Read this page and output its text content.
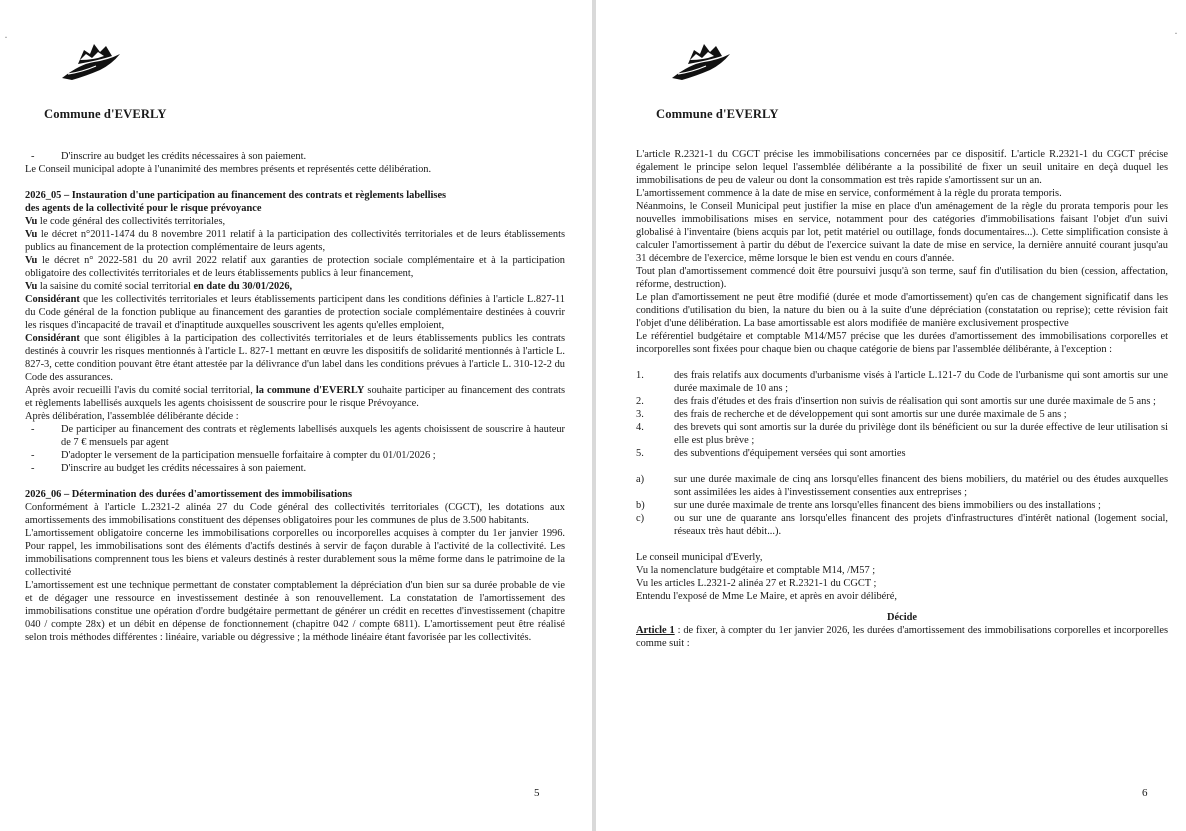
·

Commune d'EVERLY

-	D'inscrire au budget les crédits nécessaires à son paiement.

Le Conseil municipal adopte à l'unanimité des membres présents et représentés cette délibération.

2026_05 – Instauration d'une participation au financement des contrats et règlements labellises

des agents de la collectivité pour le risque prévoyance

Vu le code général des collectivités territoriales,

Vu le décret n°2011-1474 du 8 novembre 2011 relatif à la participation des collectivités territoriales et de leurs établissements publics au financement de la protection complémentaire de leurs agents,

Vu le décret n° 2022-581 du 20 avril 2022 relatif aux garanties de protection sociale complémentaire et à la participation obligatoire des collectivités territoriales et de leurs établissements publics à leur financement,

Vu la saisine du comité social territorial en date du 30/01/2026,

Considérant que les collectivités territoriales et leurs établissements participent dans les conditions définies à l'article L.827-11 du Code général de la fonction publique au financement des garanties de protection sociale complémentaire destinées à couvrir les risques d'incapacité de travail et d'inaptitude auxquelles souscrivent les agents qu'elles emploient,

Considérant que sont éligibles à la participation des collectivités territoriales et de leurs établissements publics les contrats destinés à couvrir les risques mentionnés à l'article L. 827-1 mettant en œuvre les dispositifs de solidarité mentionnés à l'article L. 827-3, cette condition pouvant être étant attestée par la délivrance d'un label dans les conditions prévues à l'article L. 310-12-2 du Code des assurances.

Après avoir recueilli l'avis du comité social territorial, la commune d'EVERLY souhaite participer au financement des contrats et règlements labellisés auxquels les agents choisissent de souscrire pour le risque Prévoyance.

Après délibération, l'assemblée délibérante décide :

-	De participer au financement des contrats et règlements labellisés auxquels les agents choisissent de souscrire à hauteur de 7 € mensuels par agent
-	D'adopter le versement de la participation mensuelle forfaitaire à compter du 01/01/2026 ;
-	D'inscrire au budget les crédits nécessaires à son paiement.

2026_06 – Détermination des durées d'amortissement des immobilisations

Conformément à l'article L.2321-2 alinéa 27 du Code général des collectivités territoriales (CGCT), les dotations aux amortissements des immobilisations constituent des dépenses obligatoires pour les communes de plus de 3.500 habitants.

L'amortissement obligatoire concerne les immobilisations corporelles ou incorporelles acquises à compter du 1er janvier 1996. Pour rappel, les immobilisations sont des éléments d'actifs destinés à servir de façon durable à l'activité de la collectivité. Les immobilisations comprennent tous les biens et valeurs destinés à rester durablement sous la même forme dans le patrimoine de la collectivité

L'amortissement est une technique permettant de constater comptablement la dépréciation d'un bien sur sa durée probable de vie et de dégager une ressource en investissement destinée à son renouvellement. La constatation de l'amortissement des immobilisations constitue une opération d'ordre budgétaire permettant de générer un crédit en recettes d'investissement (chapitre 040 / compte 28x) et un débit en dépense de fonctionnement (chapitre 042 / compte 6811). L'amortissement peut être réalisé selon trois méthodes différentes : linéaire, variable ou dégressive ; la méthode linéaire étant favorisée par les collectivités.

5
·

Commune d'EVERLY

L'article R.2321-1 du CGCT précise les immobilisations concernées par ce dispositif. L'article R.2321-1 du CGCT précise également le principe selon lequel l'assemblée délibérante a la possibilité de fixer un seuil unitaire en deçà duquel les immobilisations de peu de valeur ou dont la consommation est très rapide s'amortissent sur un an.

L'amortissement commence à la date de mise en service, conformément à la règle du prorata temporis.

Néanmoins, le Conseil Municipal peut justifier la mise en place d'un aménagement de la règle du prorata temporis pour les nouvelles immobilisations mises en service, notamment pour des catégories d'immobilisations faisant l'objet d'un suivi globalisé à l'inventaire (biens acquis par lot, petit matériel ou outillage, fonds documentaires...). Cette simplification consiste à calculer l'amortissement à partir du début de l'exercice suivant la date de mise en service, la dernière annuité courant jusqu'au 31 décembre de l'exercice, même lorsque le bien est vendu en cours d'année.

Tout plan d'amortissement commencé doit être poursuivi jusqu'à son terme, sauf fin d'utilisation du bien (cession, affectation, réforme, destruction).

Le plan d'amortissement ne peut être modifié (durée et mode d'amortissement) qu'en cas de changement significatif dans les conditions d'utilisation du bien, la nature du bien ou à la suite d'une dépréciation (constatation ou reprise); cette révision fait l'objet d'une délibération. La base amortissable est alors modifiée de manière exclusivement prospective

Le référentiel budgétaire et comptable M14/M57 précise que les durées d'amortissement des immobilisations corporelles et incorporelles sont fixées pour chaque bien ou chaque catégorie de biens par l'assemblée délibérante, à l'exception :

1.	des frais relatifs aux documents d'urbanisme visés à l'article L.121-7 du Code de l'urbanisme qui sont amortis sur une durée maximale de 10 ans ;
2.	des frais d'études et des frais d'insertion non suivis de réalisation qui sont amortis sur une durée maximale de 5 ans ;
3.	des frais de recherche et de développement qui sont amortis sur une durée maximale de 5 ans ;
4.	des brevets qui sont amortis sur la durée du privilège dont ils bénéficient ou sur la durée effective de leur utilisation si elle est plus brève ;
5.	des subventions d'équipement versées qui sont amorties
a)	sur une durée maximale de cinq ans lorsqu'elles financent des biens mobiliers, du matériel ou des études auxquelles sont assimilées les aides à l'investissement consenties aux entreprises ;
b)	sur une durée maximale de trente ans lorsqu'elles financent des biens immobiliers ou des installations ;
c)	ou sur une de quarante ans lorsqu'elles financent des projets d'infrastructures d'intérêt national (logement social, réseaux très haut débit...).

Le conseil municipal d'Everly,

Vu la nomenclature budgétaire et comptable M14, /M57 ;

Vu les articles L.2321-2 alinéa 27 et R.2321-1 du CGCT ;

Entendu l'exposé de Mme Le Maire, et après en avoir délibéré,

Décide

Article 1 : de fixer, à compter du 1er janvier 2026, les durées d'amortissement des immobilisations corporelles et incorporelles comme suit :

6
